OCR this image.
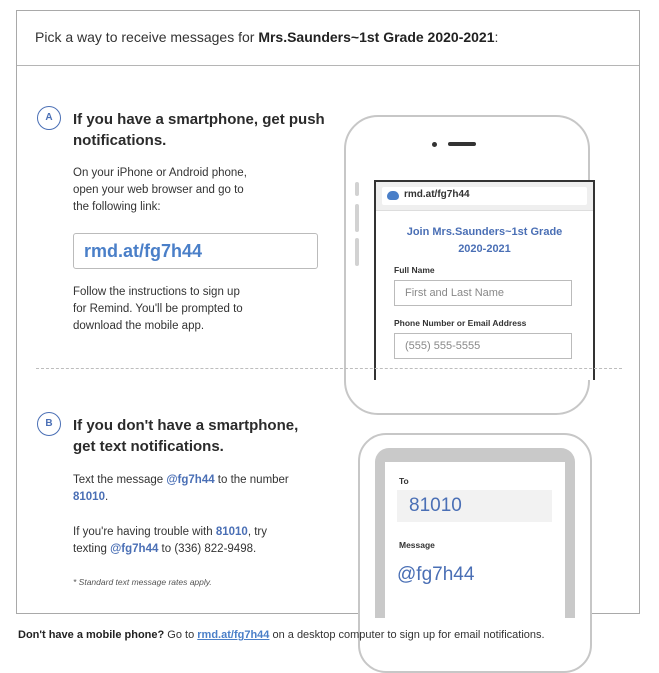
Pick a way to receive messages for Mrs.Saunders~1st Grade 2020-2021:
A	If you have a smartphone, get push
notifications.
On your iPhone or Android phone,
open your web browser and go to
the following link:
rmd.at/fg7h44
Follow the instructions to sign up
for Remind. You'll be prompted to
download the mobile app.
rmd.at/fg7h44
Join Mrs.Saunders~1st Grade
2020-2021
Full Name
First and Last Name
Phone Number or Email Address
(555) 555-5555
B	If you don't have a smartphone,
get text notifications.
Text the message @fg7h44 to the number
81010.
If you're having trouble with 81010, try
texting @fg7h44 to (336) 822-9498.
* Standard text message rates apply.
To
81010
Message
@fg7h44
Don't have a mobile phone? Go to rmd.at/fg7h44 on a desktop computer to sign up for email notifications.
